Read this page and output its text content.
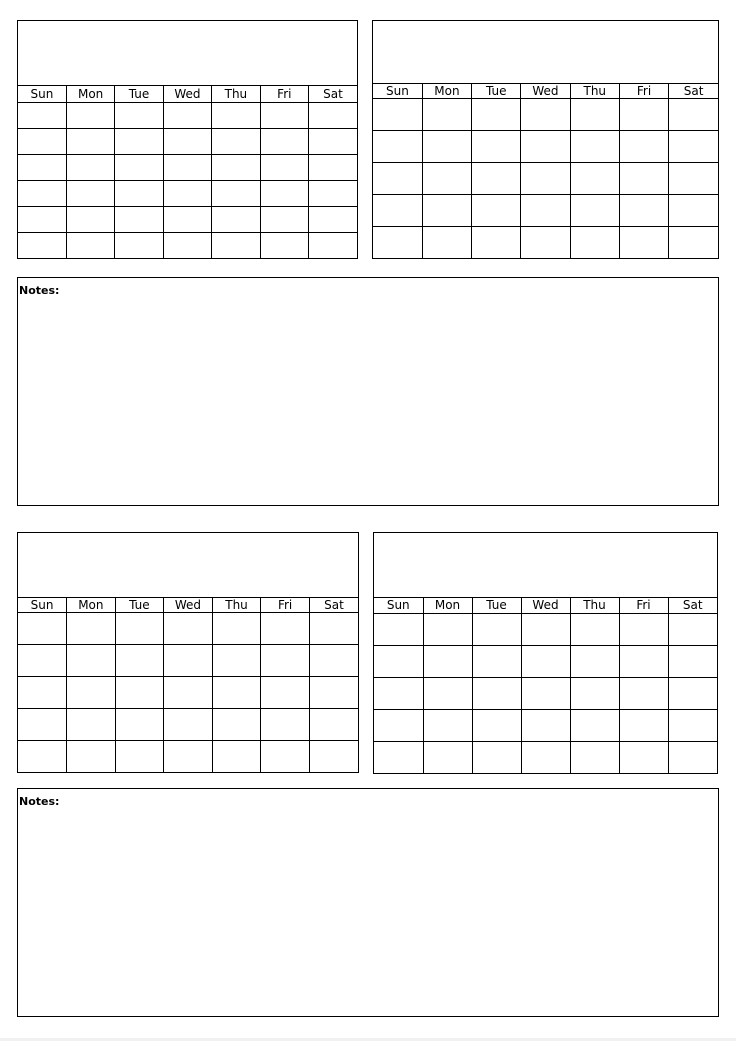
Sun	Mon	Tue	Wed	Thu	Fri	Sat

							Sun	Mon	Tue	Wed	Thu	Fri	Sat

Notes:
Sun	Mon	Tue	Wed	Thu	Fri	Sat

							Sun	Mon	Tue	Wed	Thu	Fri	Sat

Notes:
